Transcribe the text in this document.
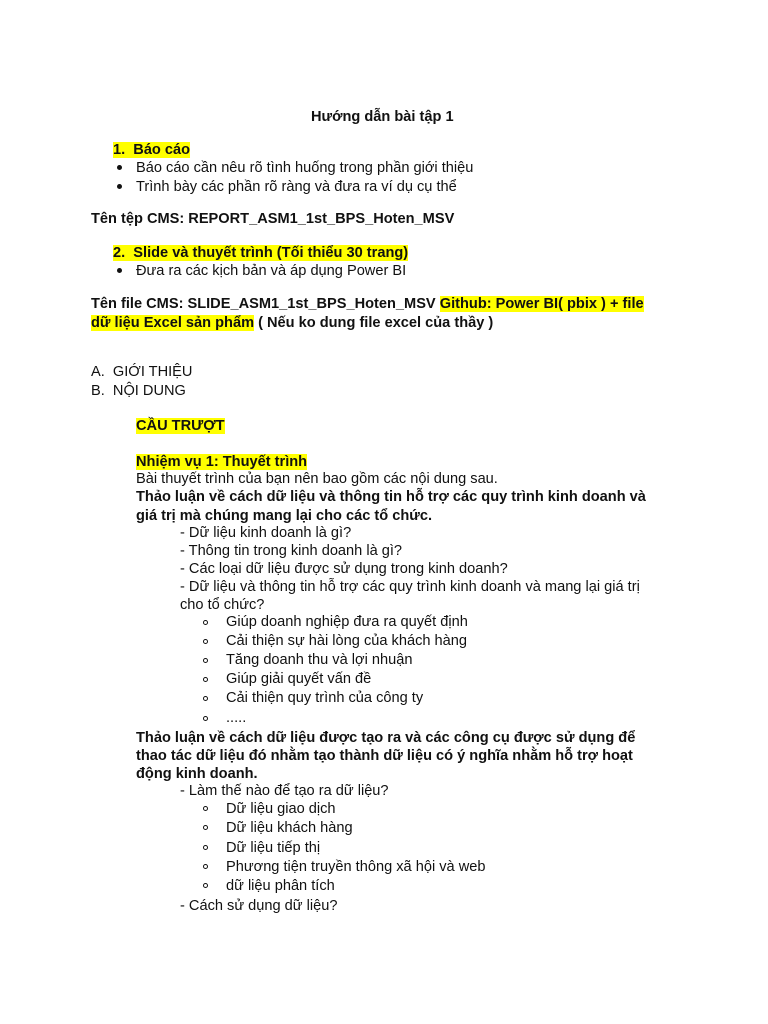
Hướng dẫn bài tập 1
1. Báo cáo
Báo cáo cần nêu rõ tình huống trong phần giới thiệu
Trình bày các phần rõ ràng và đưa ra ví dụ cụ thể
Tên tệp CMS: REPORT_ASM1_1st_BPS_Hoten_MSV
2. Slide và thuyết trình (Tối thiểu 30 trang)
Đưa ra các kịch bản và áp dụng Power BI
Tên file CMS: SLIDE_ASM1_1st_BPS_Hoten_MSV Github: Power BI( pbix ) + file
dữ liệu Excel sản phẩm ( Nếu ko dung file excel của thầy )
A. GIỚI THIỆU
B. NỘI DUNG
CẦU TRƯỢT
Nhiệm vụ 1: Thuyết trình
Bài thuyết trình của bạn nên bao gồm các nội dung sau.
Thảo luận về cách dữ liệu và thông tin hỗ trợ các quy trình kinh doanh và
giá trị mà chúng mang lại cho các tổ chức.
- Dữ liệu kinh doanh là gì?
- Thông tin trong kinh doanh là gì?
- Các loại dữ liệu được sử dụng trong kinh doanh?
- Dữ liệu và thông tin hỗ trợ các quy trình kinh doanh và mang lại giá trị
cho tổ chức?
Giúp doanh nghiệp đưa ra quyết định
Cải thiện sự hài lòng của khách hàng
Tăng doanh thu và lợi nhuận
Giúp giải quyết vấn đề
Cải thiện quy trình của công ty
.....
Thảo luận về cách dữ liệu được tạo ra và các công cụ được sử dụng để
thao tác dữ liệu đó nhằm tạo thành dữ liệu có ý nghĩa nhằm hỗ trợ hoạt
động kinh doanh.
- Làm thế nào để tạo ra dữ liệu?
Dữ liệu giao dịch
Dữ liệu khách hàng
Dữ liệu tiếp thị
Phương tiện truyền thông xã hội và web
dữ liệu phân tích
- Cách sử dụng dữ liệu?
